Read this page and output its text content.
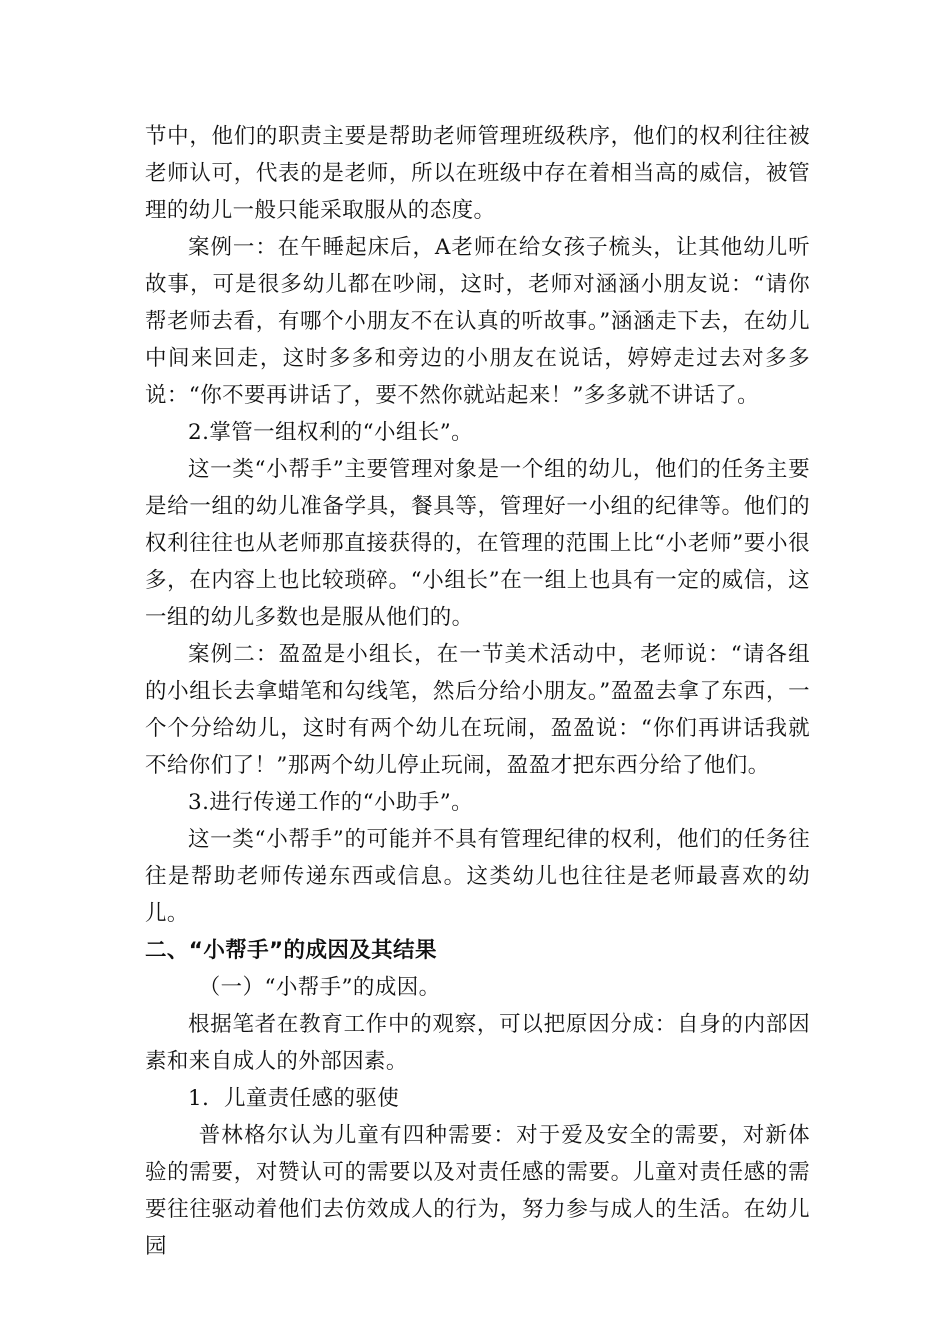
节中，他们的职责主要是帮助老师管理班级秩序，他们的权利往往被老师认可，代表的是老师，所以在班级中存在着相当高的威信，被管理的幼儿一般只能采取服从的态度。

案例一：在午睡起床后，A老师在给女孩子梳头，让其他幼儿听故事，可是很多幼儿都在吵闹，这时，老师对涵涵小朋友说：“请你帮老师去看，有哪个小朋友不在认真的听故事。”涵涵走下去，在幼儿中间来回走，这时多多和旁边的小朋友在说话，婷婷走过去对多多说：“你不要再讲话了，要不然你就站起来！”多多就不讲话了。

2.掌管一组权利的“小组长”。

这一类“小帮手”主要管理对象是一个组的幼儿，他们的任务主要是给一组的幼儿准备学具，餐具等，管理好一小组的纪律等。他们的权利往往也从老师那直接获得的，在管理的范围上比“小老师”要小很多，在内容上也比较琐碎。“小组长”在一组上也具有一定的威信，这一组的幼儿多数也是服从他们的。

案例二：盈盈是小组长，在一节美术活动中，老师说：“请各组的小组长去拿蜡笔和勾线笔，然后分给小朋友。”盈盈去拿了东西，一个个分给幼儿，这时有两个幼儿在玩闹，盈盈说：“你们再讲话我就不给你们了！”那两个幼儿停止玩闹，盈盈才把东西分给了他们。

3.进行传递工作的“小助手”。

这一类“小帮手”的可能并不具有管理纪律的权利，他们的任务往往是帮助老师传递东西或信息。这类幼儿也往往是老师最喜欢的幼儿。

二、“小帮手”的成因及其结果

（一）“小帮手”的成因。

根据笔者在教育工作中的观察，可以把原因分成：自身的内部因素和来自成人的外部因素。

1．儿童责任感的驱使

普林格尔认为儿童有四种需要：对于爱及安全的需要，对新体验的需要，对赞认可的需要以及对责任感的需要。儿童对责任感的需要往往驱动着他们去仿效成人的行为，努力参与成人的生活。在幼儿园
